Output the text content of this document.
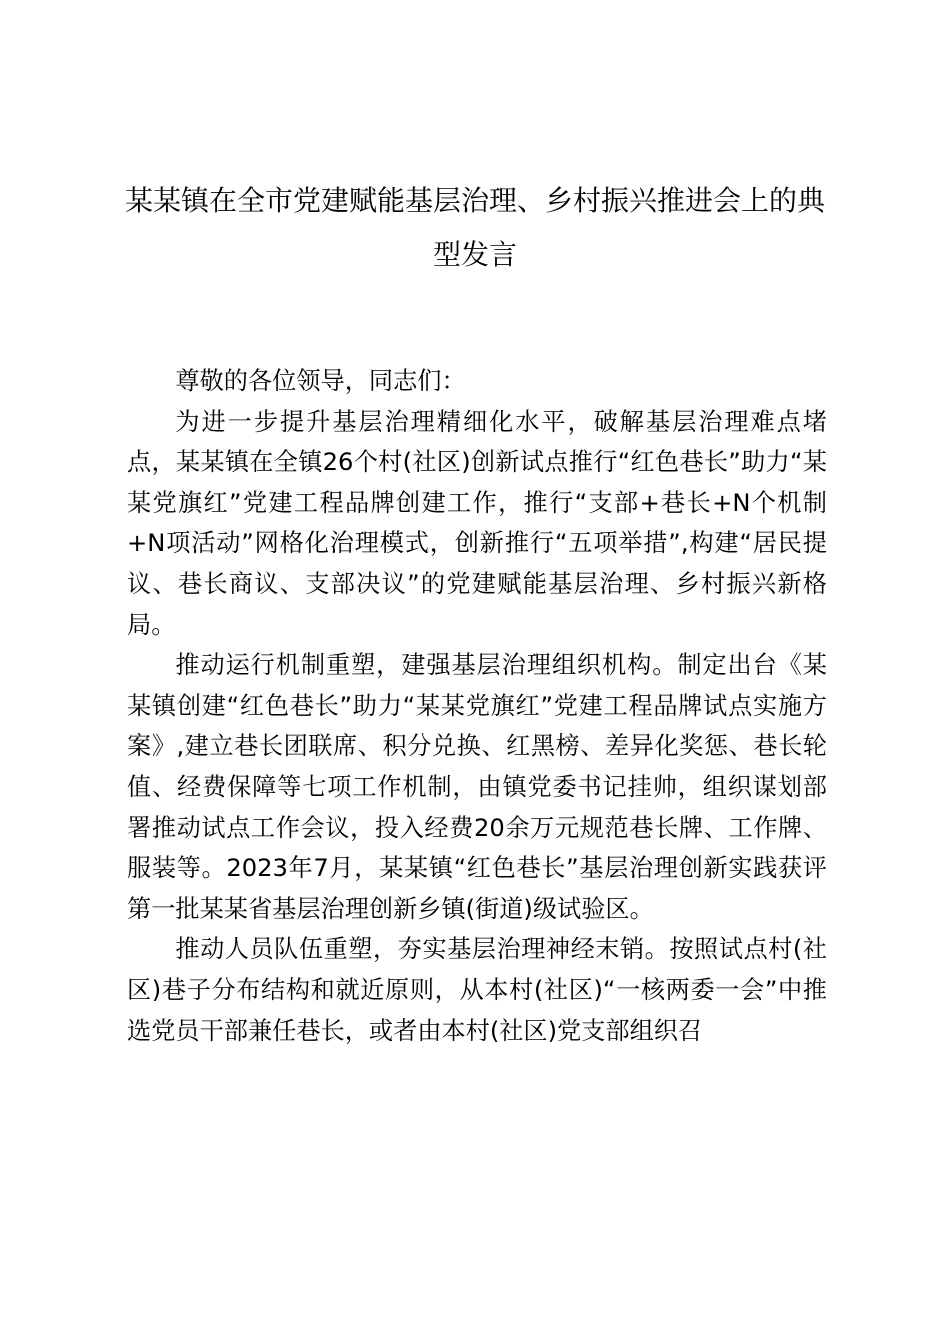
某某镇在全市党建赋能基层治理、乡村振兴推进会上的典型发言

尊敬的各位领导，同志们：

为进一步提升基层治理精细化水平，破解基层治理难点堵点，某某镇在全镇26个村(社区)创新试点推行“红色巷长”助力“某某党旗红”党建工程品牌创建工作，推行“支部+巷长+N个机制+N项活动”网格化治理模式，创新推行“五项举措”,构建“居民提议、巷长商议、支部决议”的党建赋能基层治理、乡村振兴新格局。

推动运行机制重塑，建强基层治理组织机构。制定出台《某某镇创建“红色巷长”助力“某某党旗红”党建工程品牌试点实施方案》,建立巷长团联席、积分兑换、红黑榜、差异化奖惩、巷长轮值、经费保障等七项工作机制，由镇党委书记挂帅，组织谋划部署推动试点工作会议，投入经费20余万元规范巷长牌、工作牌、服装等。2023年7月，某某镇“红色巷长”基层治理创新实践获评第一批某某省基层治理创新乡镇(街道)级试验区。

推动人员队伍重塑，夯实基层治理神经末销。按照试点村(社区)巷子分布结构和就近原则，从本村(社区)“一核两委一会”中推选党员干部兼任巷长，或者由本村(社区)党支部组织召
